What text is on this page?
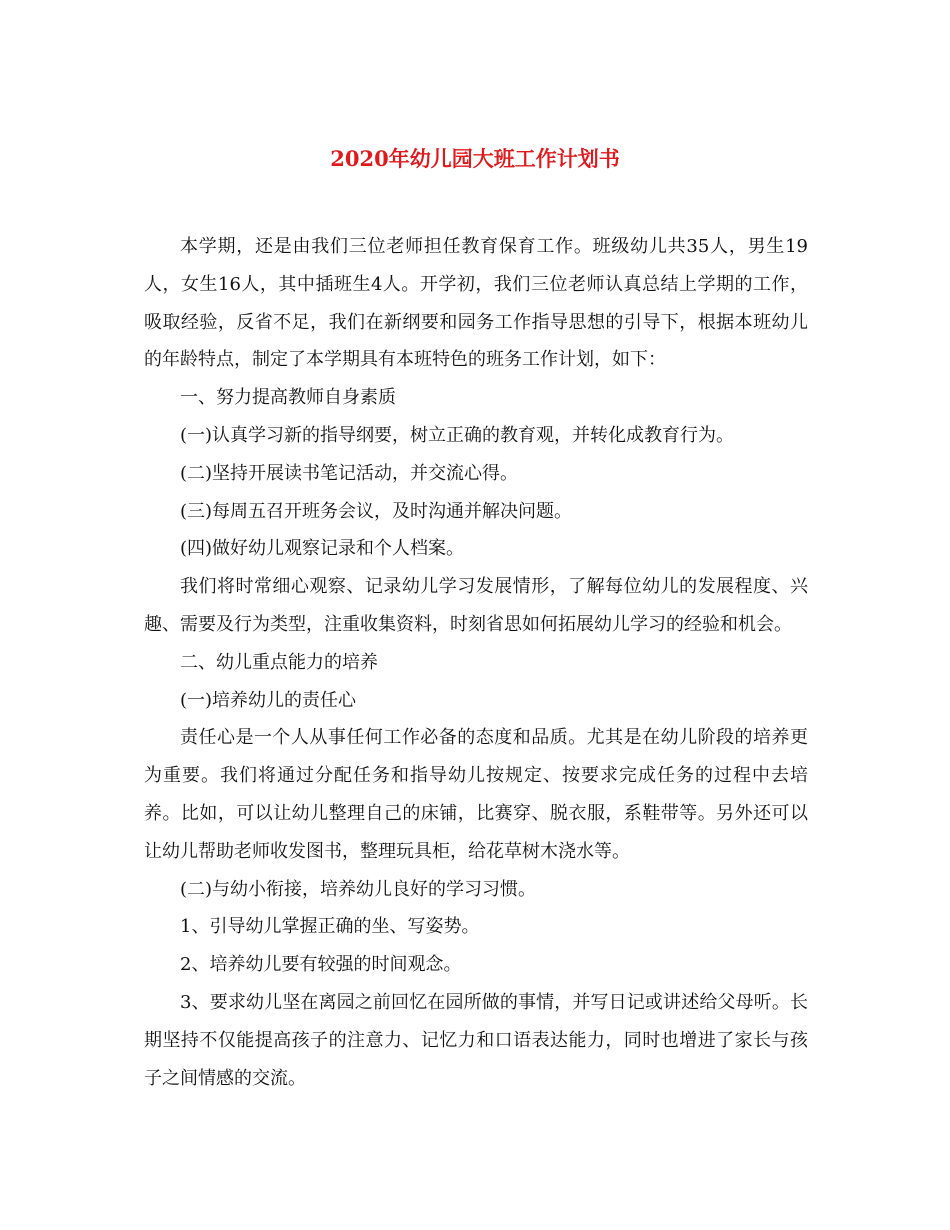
2020年幼儿园大班工作计划书

本学期，还是由我们三位老师担任教育保育工作。班级幼儿共35人，男生19人，女生16人，其中插班生4人。开学初，我们三位老师认真总结上学期的工作，吸取经验，反省不足，我们在新纲要和园务工作指导思想的引导下，根据本班幼儿的年龄特点，制定了本学期具有本班特色的班务工作计划，如下：

一、努力提高教师自身素质

(一)认真学习新的指导纲要，树立正确的教育观，并转化成教育行为。

(二)坚持开展读书笔记活动，并交流心得。

(三)每周五召开班务会议，及时沟通并解决问题。

(四)做好幼儿观察记录和个人档案。

我们将时常细心观察、记录幼儿学习发展情形，了解每位幼儿的发展程度、兴趣、需要及行为类型，注重收集资料，时刻省思如何拓展幼儿学习的经验和机会。

二、幼儿重点能力的培养

(一)培养幼儿的责任心

责任心是一个人从事任何工作必备的态度和品质。尤其是在幼儿阶段的培养更为重要。我们将通过分配任务和指导幼儿按规定、按要求完成任务的过程中去培养。比如，可以让幼儿整理自己的床铺，比赛穿、脱衣服，系鞋带等。另外还可以让幼儿帮助老师收发图书，整理玩具柜，给花草树木浇水等。

(二)与幼小衔接，培养幼儿良好的学习习惯。

1、引导幼儿掌握正确的坐、写姿势。

2、培养幼儿要有较强的时间观念。

3、要求幼儿坚在离园之前回忆在园所做的事情，并写日记或讲述给父母听。长期坚持不仅能提高孩子的注意力、记忆力和口语表达能力，同时也增进了家长与孩子之间情感的交流。
